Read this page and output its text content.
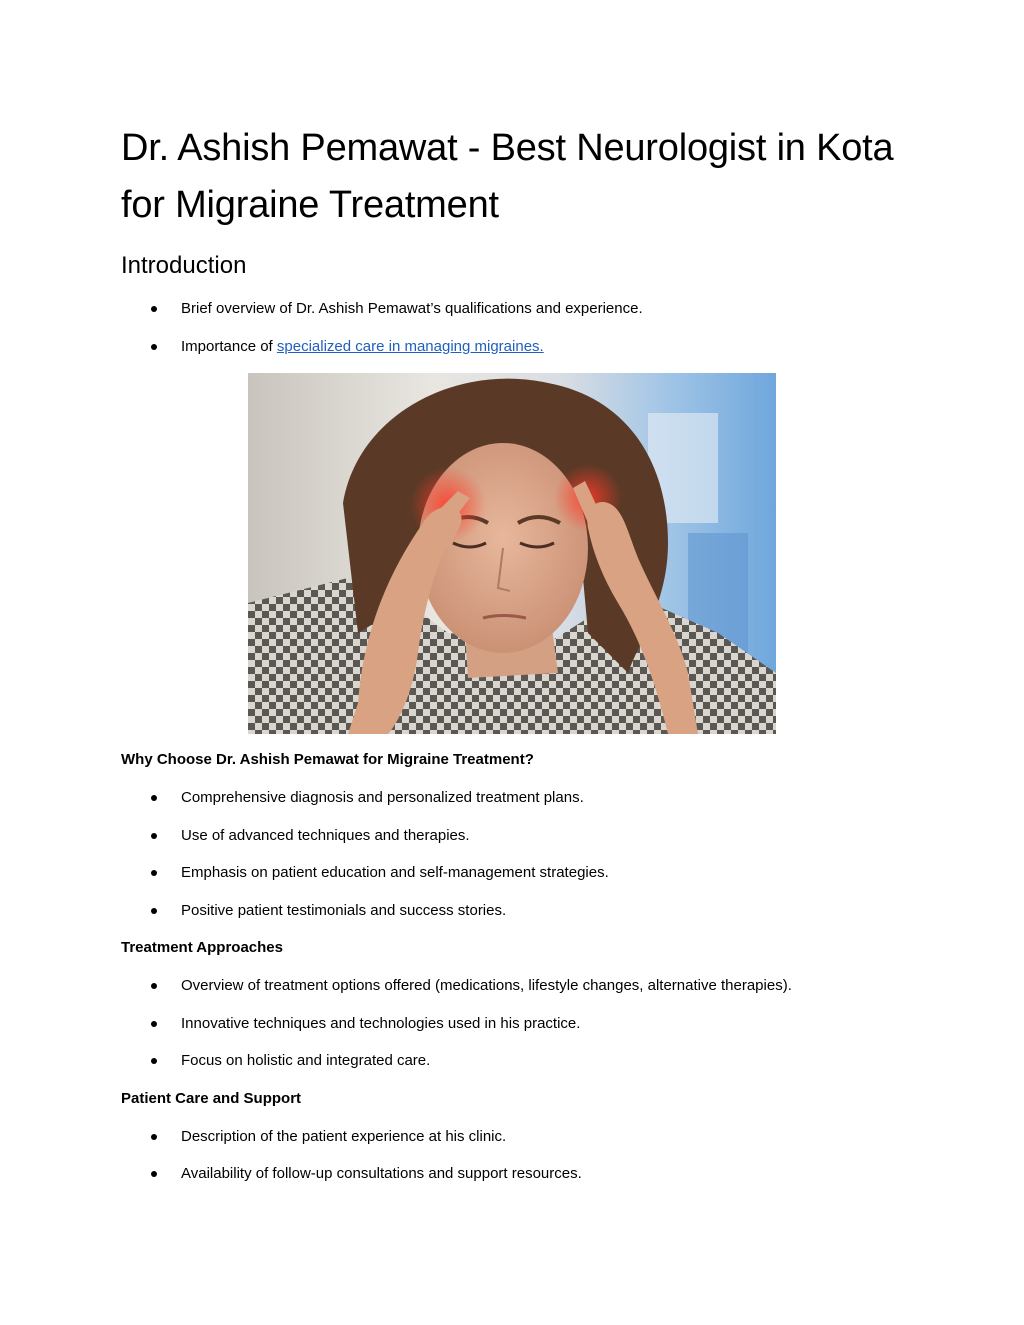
Dr. Ashish Pemawat - Best Neurologist in Kota for Migraine Treatment
Introduction
Brief overview of Dr. Ashish Pemawat’s qualifications and experience.
Importance of specialized care in managing migraines.
Why Choose Dr. Ashish Pemawat for Migraine Treatment?
Comprehensive diagnosis and personalized treatment plans.
Use of advanced techniques and therapies.
Emphasis on patient education and self-management strategies.
Positive patient testimonials and success stories.
Treatment Approaches
Overview of treatment options offered (medications, lifestyle changes, alternative therapies).
Innovative techniques and technologies used in his practice.
Focus on holistic and integrated care.
Patient Care and Support
Description of the patient experience at his clinic.
Availability of follow-up consultations and support resources.
